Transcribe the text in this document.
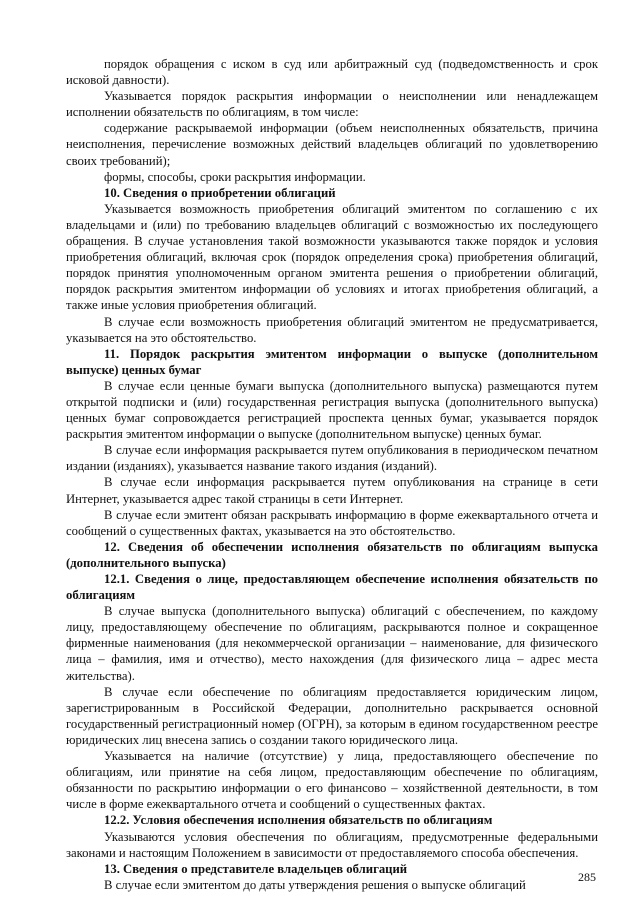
порядок обращения с иском в суд или арбитражный суд (подведомственность и срок исковой давности).

Указывается порядок раскрытия информации о неисполнении или ненадлежащем исполнении обязательств по облигациям, в том числе:

содержание раскрываемой информации (объем неисполненных обязательств, причина неисполнения, перечисление возможных действий владельцев облигаций по удовлетворению своих требований);

формы, способы, сроки раскрытия информации.

10. Сведения о приобретении облигаций

Указывается возможность приобретения облигаций эмитентом по соглашению с их владельцами и (или) по требованию владельцев облигаций с возможностью их последующего обращения. В случае установления такой возможности указываются также порядок и условия приобретения облигаций, включая срок (порядок определения срока) приобретения облигаций, порядок принятия уполномоченным органом эмитента решения о приобретении облигаций, порядок раскрытия эмитентом информации об условиях и итогах приобретения облигаций, а также иные условия приобретения облигаций.

В случае если возможность приобретения облигаций эмитентом не предусматривается, указывается на это обстоятельство.

11. Порядок раскрытия эмитентом информации о выпуске (дополнительном выпуске) ценных бумаг

В случае если ценные бумаги выпуска (дополнительного выпуска) размещаются путем открытой подписки и (или) государственная регистрация выпуска (дополнительного выпуска) ценных бумаг сопровождается регистрацией проспекта ценных бумаг, указывается порядок раскрытия эмитентом информации о выпуске (дополнительном выпуске) ценных бумаг.

В случае если информация раскрывается путем опубликования в периодическом печатном издании (изданиях), указывается название такого издания (изданий).

В случае если информация раскрывается путем опубликования на странице в сети Интернет, указывается адрес такой страницы в сети Интернет.

В случае если эмитент обязан раскрывать информацию в форме ежеквартального отчета и сообщений о существенных фактах, указывается на это обстоятельство.

12. Сведения об обеспечении исполнения обязательств по облигациям выпуска (дополнительного выпуска)
12.1. Сведения о лице, предоставляющем обеспечение исполнения обязательств по облигациям

В случае выпуска (дополнительного выпуска) облигаций с обеспечением, по каждому лицу, предоставляющему обеспечение по облигациям, раскрываются полное и сокращенное фирменные наименования (для некоммерческой организации – наименование, для физического лица – фамилия, имя и отчество), место нахождения (для физического лица – адрес места жительства).

В случае если обеспечение по облигациям предоставляется юридическим лицом, зарегистрированным в Российской Федерации, дополнительно раскрывается основной государственный регистрационный номер (ОГРН), за которым в едином государственном реестре юридических лиц внесена запись о создании такого юридического лица.

Указывается на наличие (отсутствие) у лица, предоставляющего обеспечение по облигациям, или принятие на себя лицом, предоставляющим обеспечение по облигациям, обязанности по раскрытию информации о его финансово – хозяйственной деятельности, в том числе в форме ежеквартального отчета и сообщений о существенных фактах.

12.2. Условия обеспечения исполнения обязательств по облигациям

Указываются условия обеспечения по облигациям, предусмотренные федеральными законами и настоящим Положением в зависимости от предоставляемого способа обеспечения.

13. Сведения о представителе владельцев облигаций

В случае если эмитентом до даты утверждения решения о выпуске облигаций

285
